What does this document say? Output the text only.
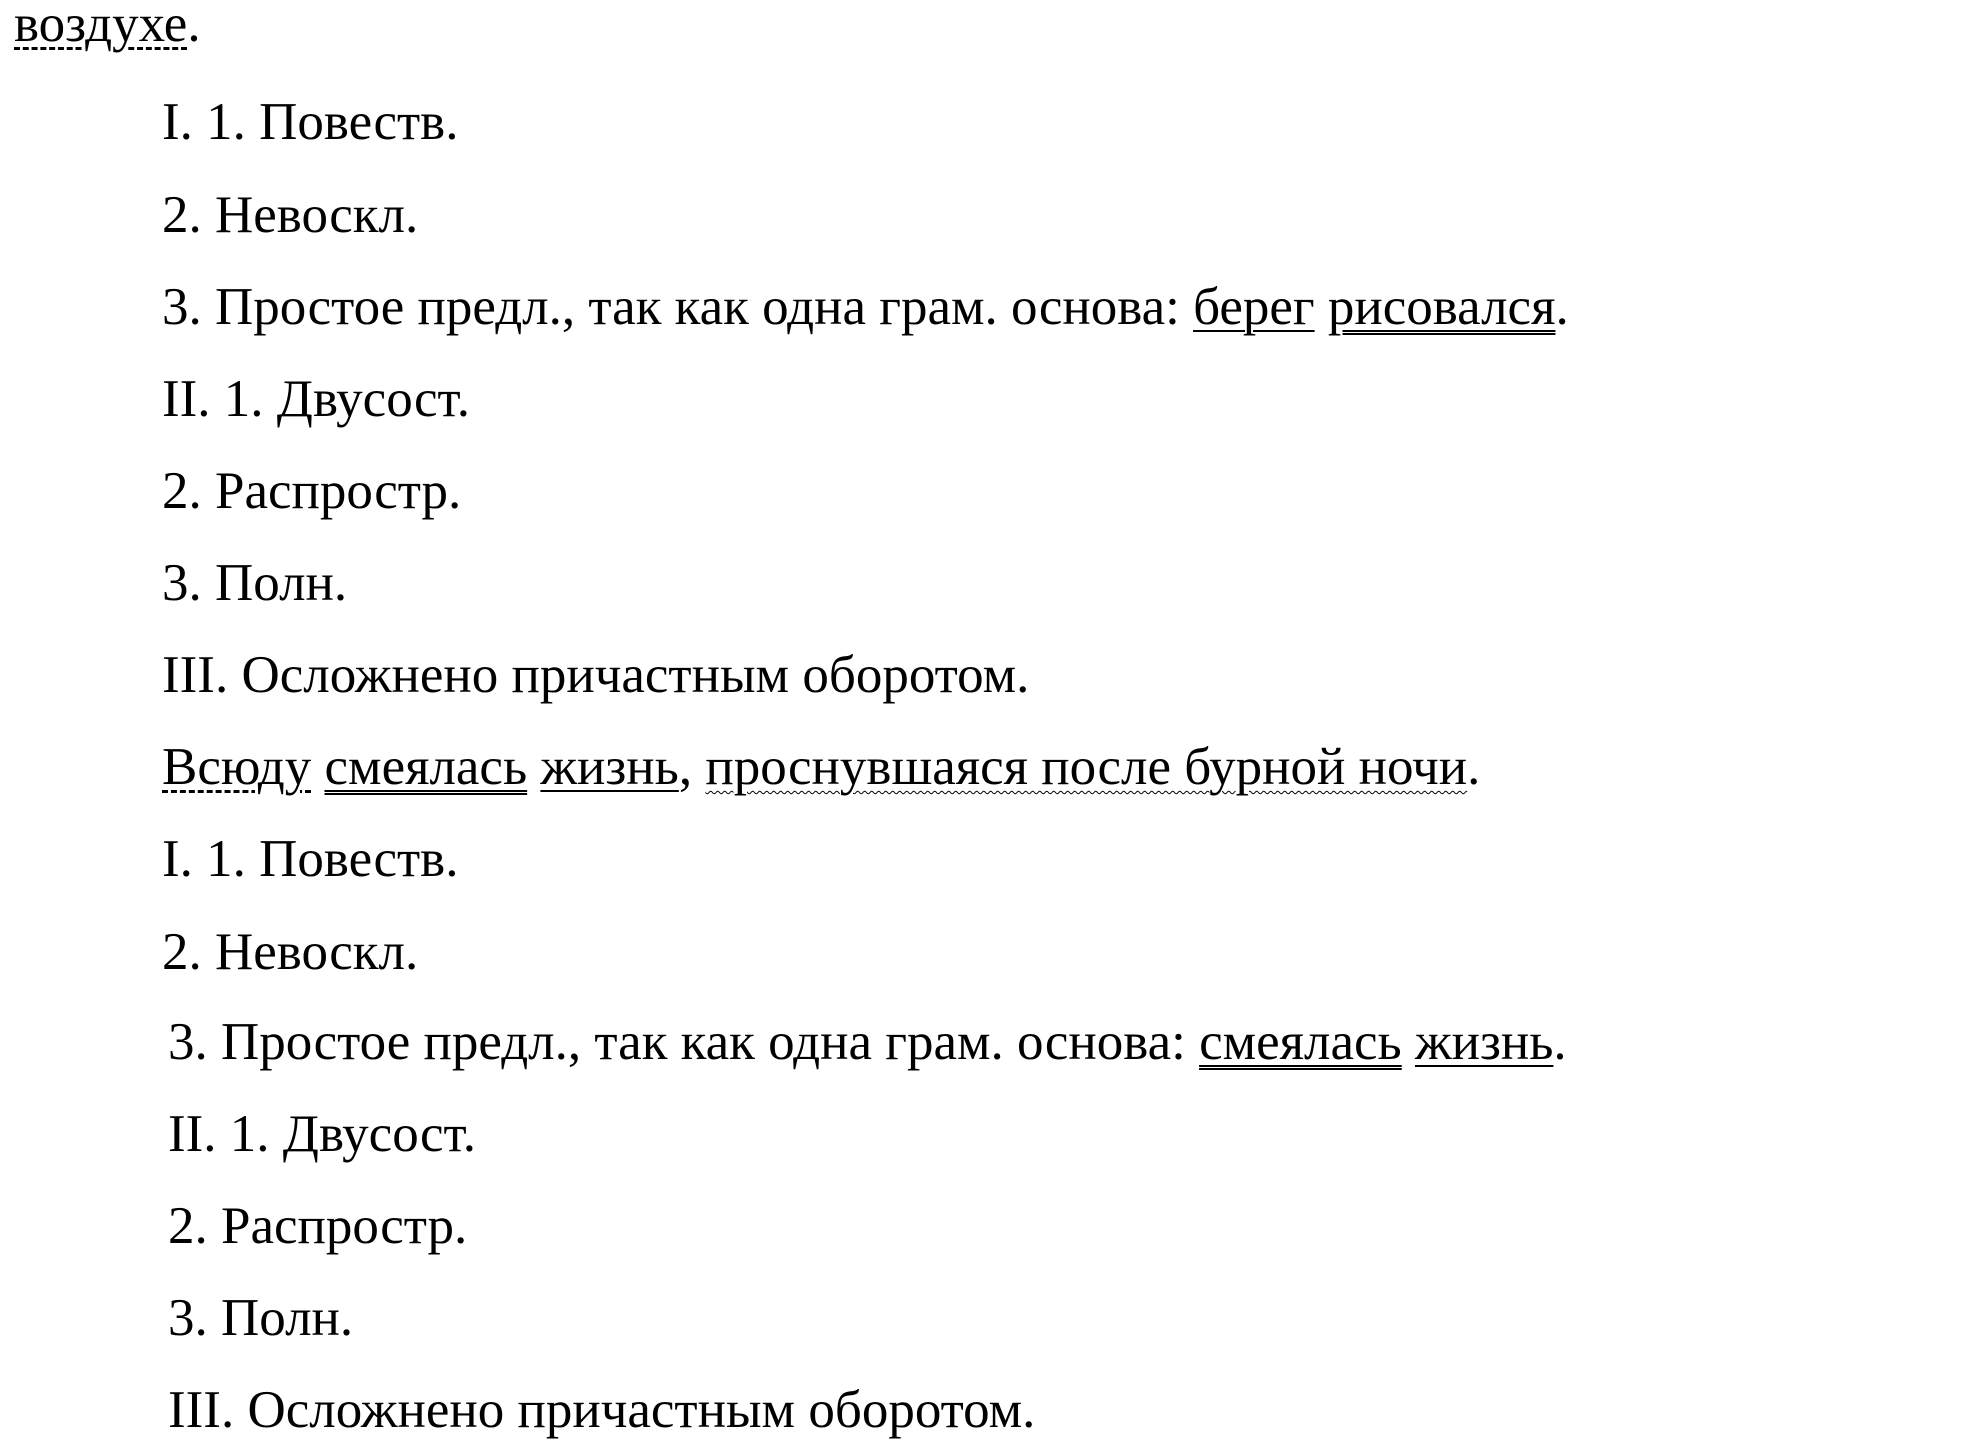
воздухе.
I. 1. Повеств.
2. Невоскл.
3. Простое предл., так как одна грам. основа: берег рисовался.
II. 1. Двусост.
2. Распростр.
3. Полн.
III. Осложнено причастным оборотом.
Всюду смеялась жизнь, проснувшаяся после бурной ночи.
I. 1. Повеств.
2. Невоскл.
3. Простое предл., так как одна грам. основа: смеялась жизнь.
II. 1. Двусост.
2. Распростр.
3. Полн.
III. Осложнено причастным оборотом.
